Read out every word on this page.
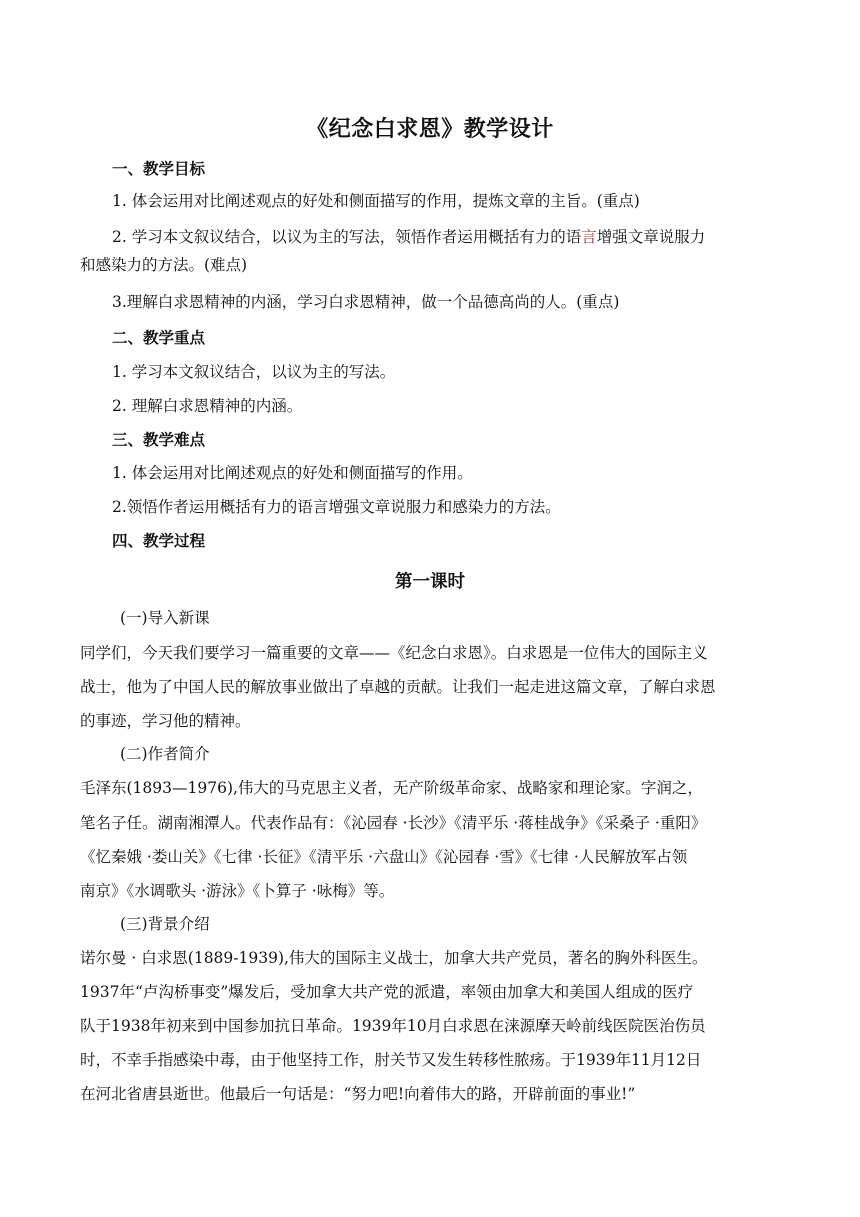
《纪念白求恩》教学设计
一、教学目标
1. 体会运用对比阐述观点的好处和侧面描写的作用，提炼文章的主旨。(重点)
2. 学习本文叙议结合，以议为主的写法，领悟作者运用概括有力的语言增强文章说服力
和感染力的方法。(难点)
3.理解白求恩精神的内涵，学习白求恩精神，做一个品德高尚的人。(重点)
二、教学重点
1. 学习本文叙议结合，以议为主的写法。
2. 理解白求恩精神的内涵。
三、教学难点
1. 体会运用对比阐述观点的好处和侧面描写的作用。
2.领悟作者运用概括有力的语言增强文章说服力和感染力的方法。
四、教学过程
第一课时
(一)导入新课
同学们，今天我们要学习一篇重要的文章——《纪念白求恩》。白求恩是一位伟大的国际主义
战士，他为了中国人民的解放事业做出了卓越的贡献。让我们一起走进这篇文章，了解白求恩
的事迹，学习他的精神。
(二)作者简介
毛泽东(1893—1976),伟大的马克思主义者，无产阶级革命家、战略家和理论家。字润之，
笔名子任。湖南湘潭人。代表作品有：《沁园春 ·长沙》《清平乐 ·蒋桂战争》《采桑子 ·重阳》
《忆秦娥 ·娄山关》《七律 ·长征》《清平乐 ·六盘山》《沁园春 ·雪》《七律 ·人民解放军占领
南京》《水调歌头 ·游泳》《卜算子 ·咏梅》等。
(三)背景介绍
诺尔曼 · 白求恩(1889-1939),伟大的国际主义战士，加拿大共产党员，著名的胸外科医生。
1937年“卢沟桥事变”爆发后，受加拿大共产党的派遣，率领由加拿大和美国人组成的医疗
队于1938年初来到中国参加抗日革命。1939年10月白求恩在涞源摩天岭前线医院医治伤员
时，不幸手指感染中毒，由于他坚持工作，肘关节又发生转移性脓疡。于1939年11月12日
在河北省唐县逝世。他最后一句话是：“努力吧!向着伟大的路，开辟前面的事业!”
